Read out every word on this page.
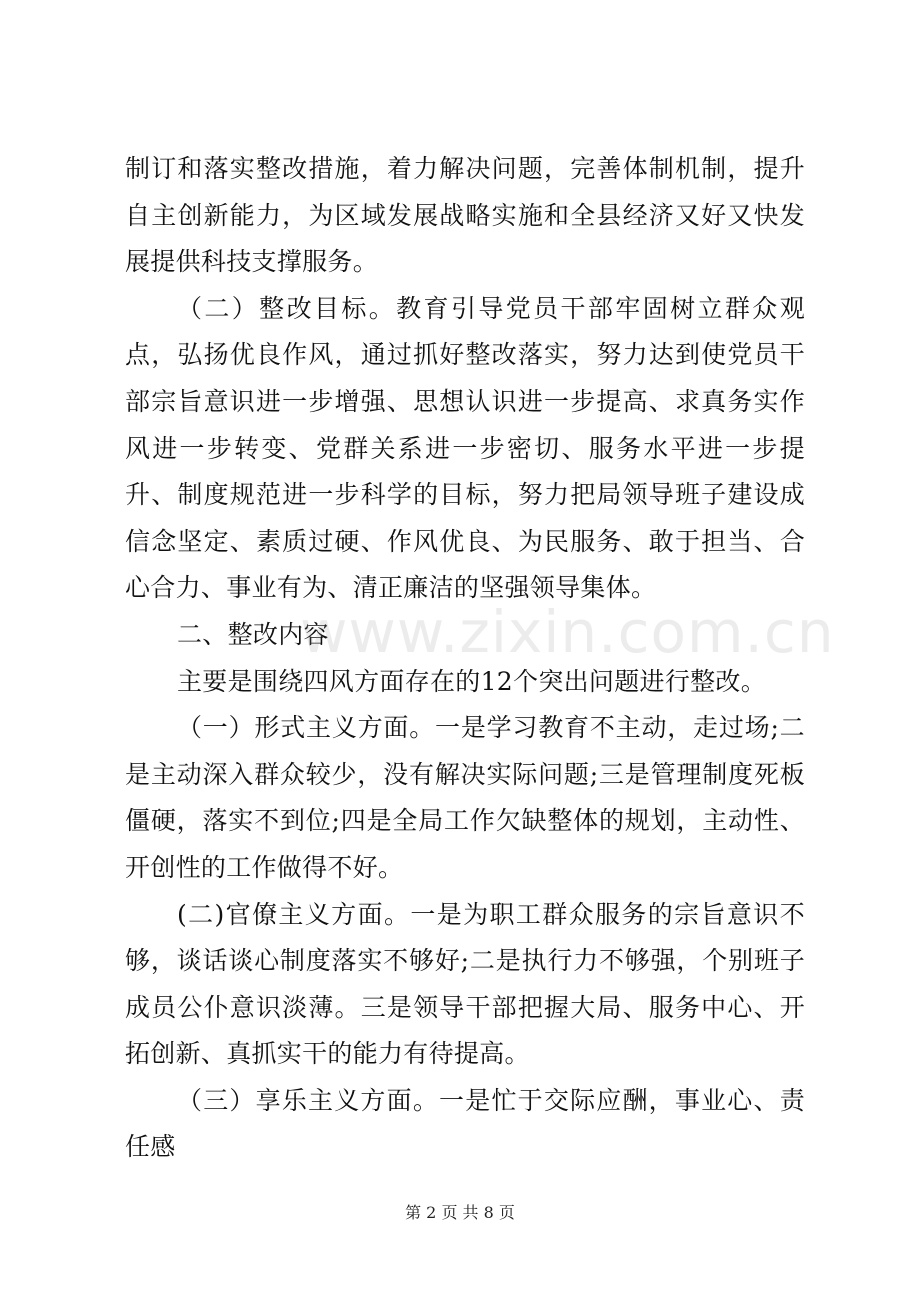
制订和落实整改措施，着力解决问题，完善体制机制，提升自主创新能力，为区域发展战略实施和全县经济又好又快发展提供科技支撑服务。

（二）整改目标。教育引导党员干部牢固树立群众观点，弘扬优良作风，通过抓好整改落实，努力达到使党员干部宗旨意识进一步增强、思想认识进一步提高、求真务实作风进一步转变、党群关系进一步密切、服务水平进一步提升、制度规范进一步科学的目标，努力把局领导班子建设成信念坚定、素质过硬、作风优良、为民服务、敢于担当、合心合力、事业有为、清正廉洁的坚强领导集体。

二、整改内容

主要是围绕四风方面存在的12个突出问题进行整改。

（一）形式主义方面。一是学习教育不主动，走过场;二是主动深入群众较少，没有解决实际问题;三是管理制度死板僵硬，落实不到位;四是全局工作欠缺整体的规划，主动性、开创性的工作做得不好。

(二)官僚主义方面。一是为职工群众服务的宗旨意识不够，谈话谈心制度落实不够好;二是执行力不够强，个别班子成员公仆意识淡薄。三是领导干部把握大局、服务中心、开拓创新、真抓实干的能力有待提高。

（三）享乐主义方面。一是忙于交际应酬，事业心、责任感

www.zixin.com.cn
第 2 页 共 8 页
